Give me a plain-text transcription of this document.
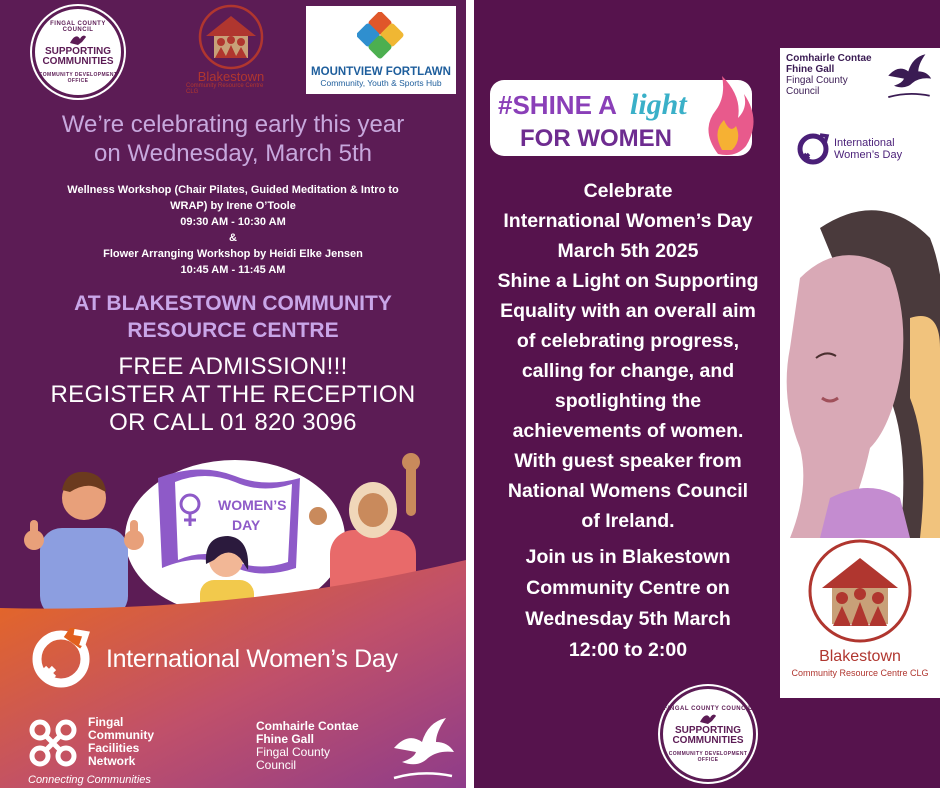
FINGAL COUNTY COUNCIL
SUPPORTING COMMUNITIES
COMMUNITY DEVELOPMENT OFFICE	Blakestown
Community Resource Centre CLG
MOUNTVIEW FORTLAWN
Community, Youth & Sports Hub
We’re celebrating early this year
on Wednesday, March 5th
Wellness Workshop (Chair Pilates, Guided Meditation & Intro to
WRAP) by Irene O’Toole
09:30 AM - 10:30 AM
&
Flower Arranging Workshop by Heidi Elke Jensen
10:45 AM - 11:45 AM
AT BLAKESTOWN COMMUNITY
RESOURCE CENTRE
FREE ADMISSION!!!
REGISTER AT THE RECEPTION
OR CALL 01 820 3096
WOMEN’S
DAY
International Women’s Day
Fingal
Community
Facilities
Network
Connecting Communities
Comhairle Contae
Fhine Gall
Fingal County
Council
#SHINE A light
FOR WOMEN
Celebrate
International Women’s Day
March 5th 2025
Shine a Light on Supporting
Equality with an overall aim
of celebrating progress,
calling for change, and
spotlighting the
achievements of women.
With guest speaker from
National Womens Council
of Ireland.
Join us in Blakestown
Community Centre on
Wednesday 5th March
12:00 to 2:00
Comhairle Contae
Fhine Gall
Fingal County
Council
International
Women’s Day
Blakestown
Community Resource Centre CLG
FINGAL COUNTY COUNCIL
SUPPORTING COMMUNITIES
COMMUNITY DEVELOPMENT OFFICE
